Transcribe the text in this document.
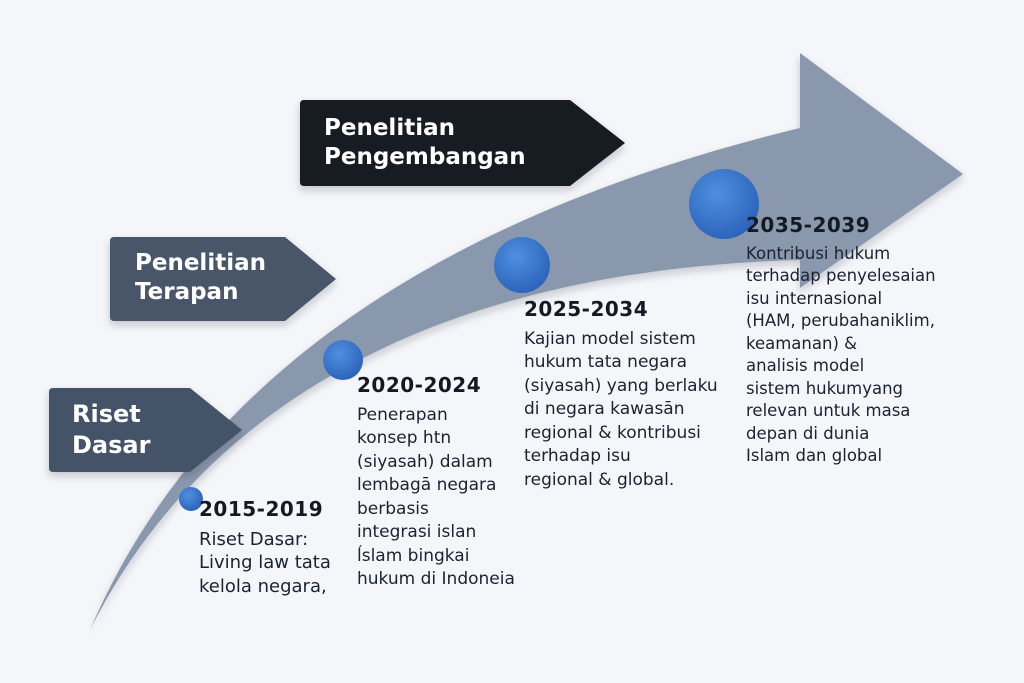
Penelitian
Pengembangan
Penelitian
Terapan
Riset
Dasar
2015-2019
Riset Dasar:
Living law tata
kelola negara,
2020-2024
Penerapan
konsep htn
(siyasah) dalam
lembagā negara
berbasis
integrasi islan
ĺslam bingkai
hukum di Indoneia
2025-2034
Kajian model sistem
hukum tata negara
(siyasah) yang berlaku
di negara kawasān
regional & kontribusi
terhadap isu
regional & global.
2035-2039
Kontribusi hukum
terhadap penyelesaian
isu internasional
(HAM, perubahaniklim,
keamanan) &
analisis model
sistem hukumyang
relevan untuk masa
depan di dunia
Islam dan global
